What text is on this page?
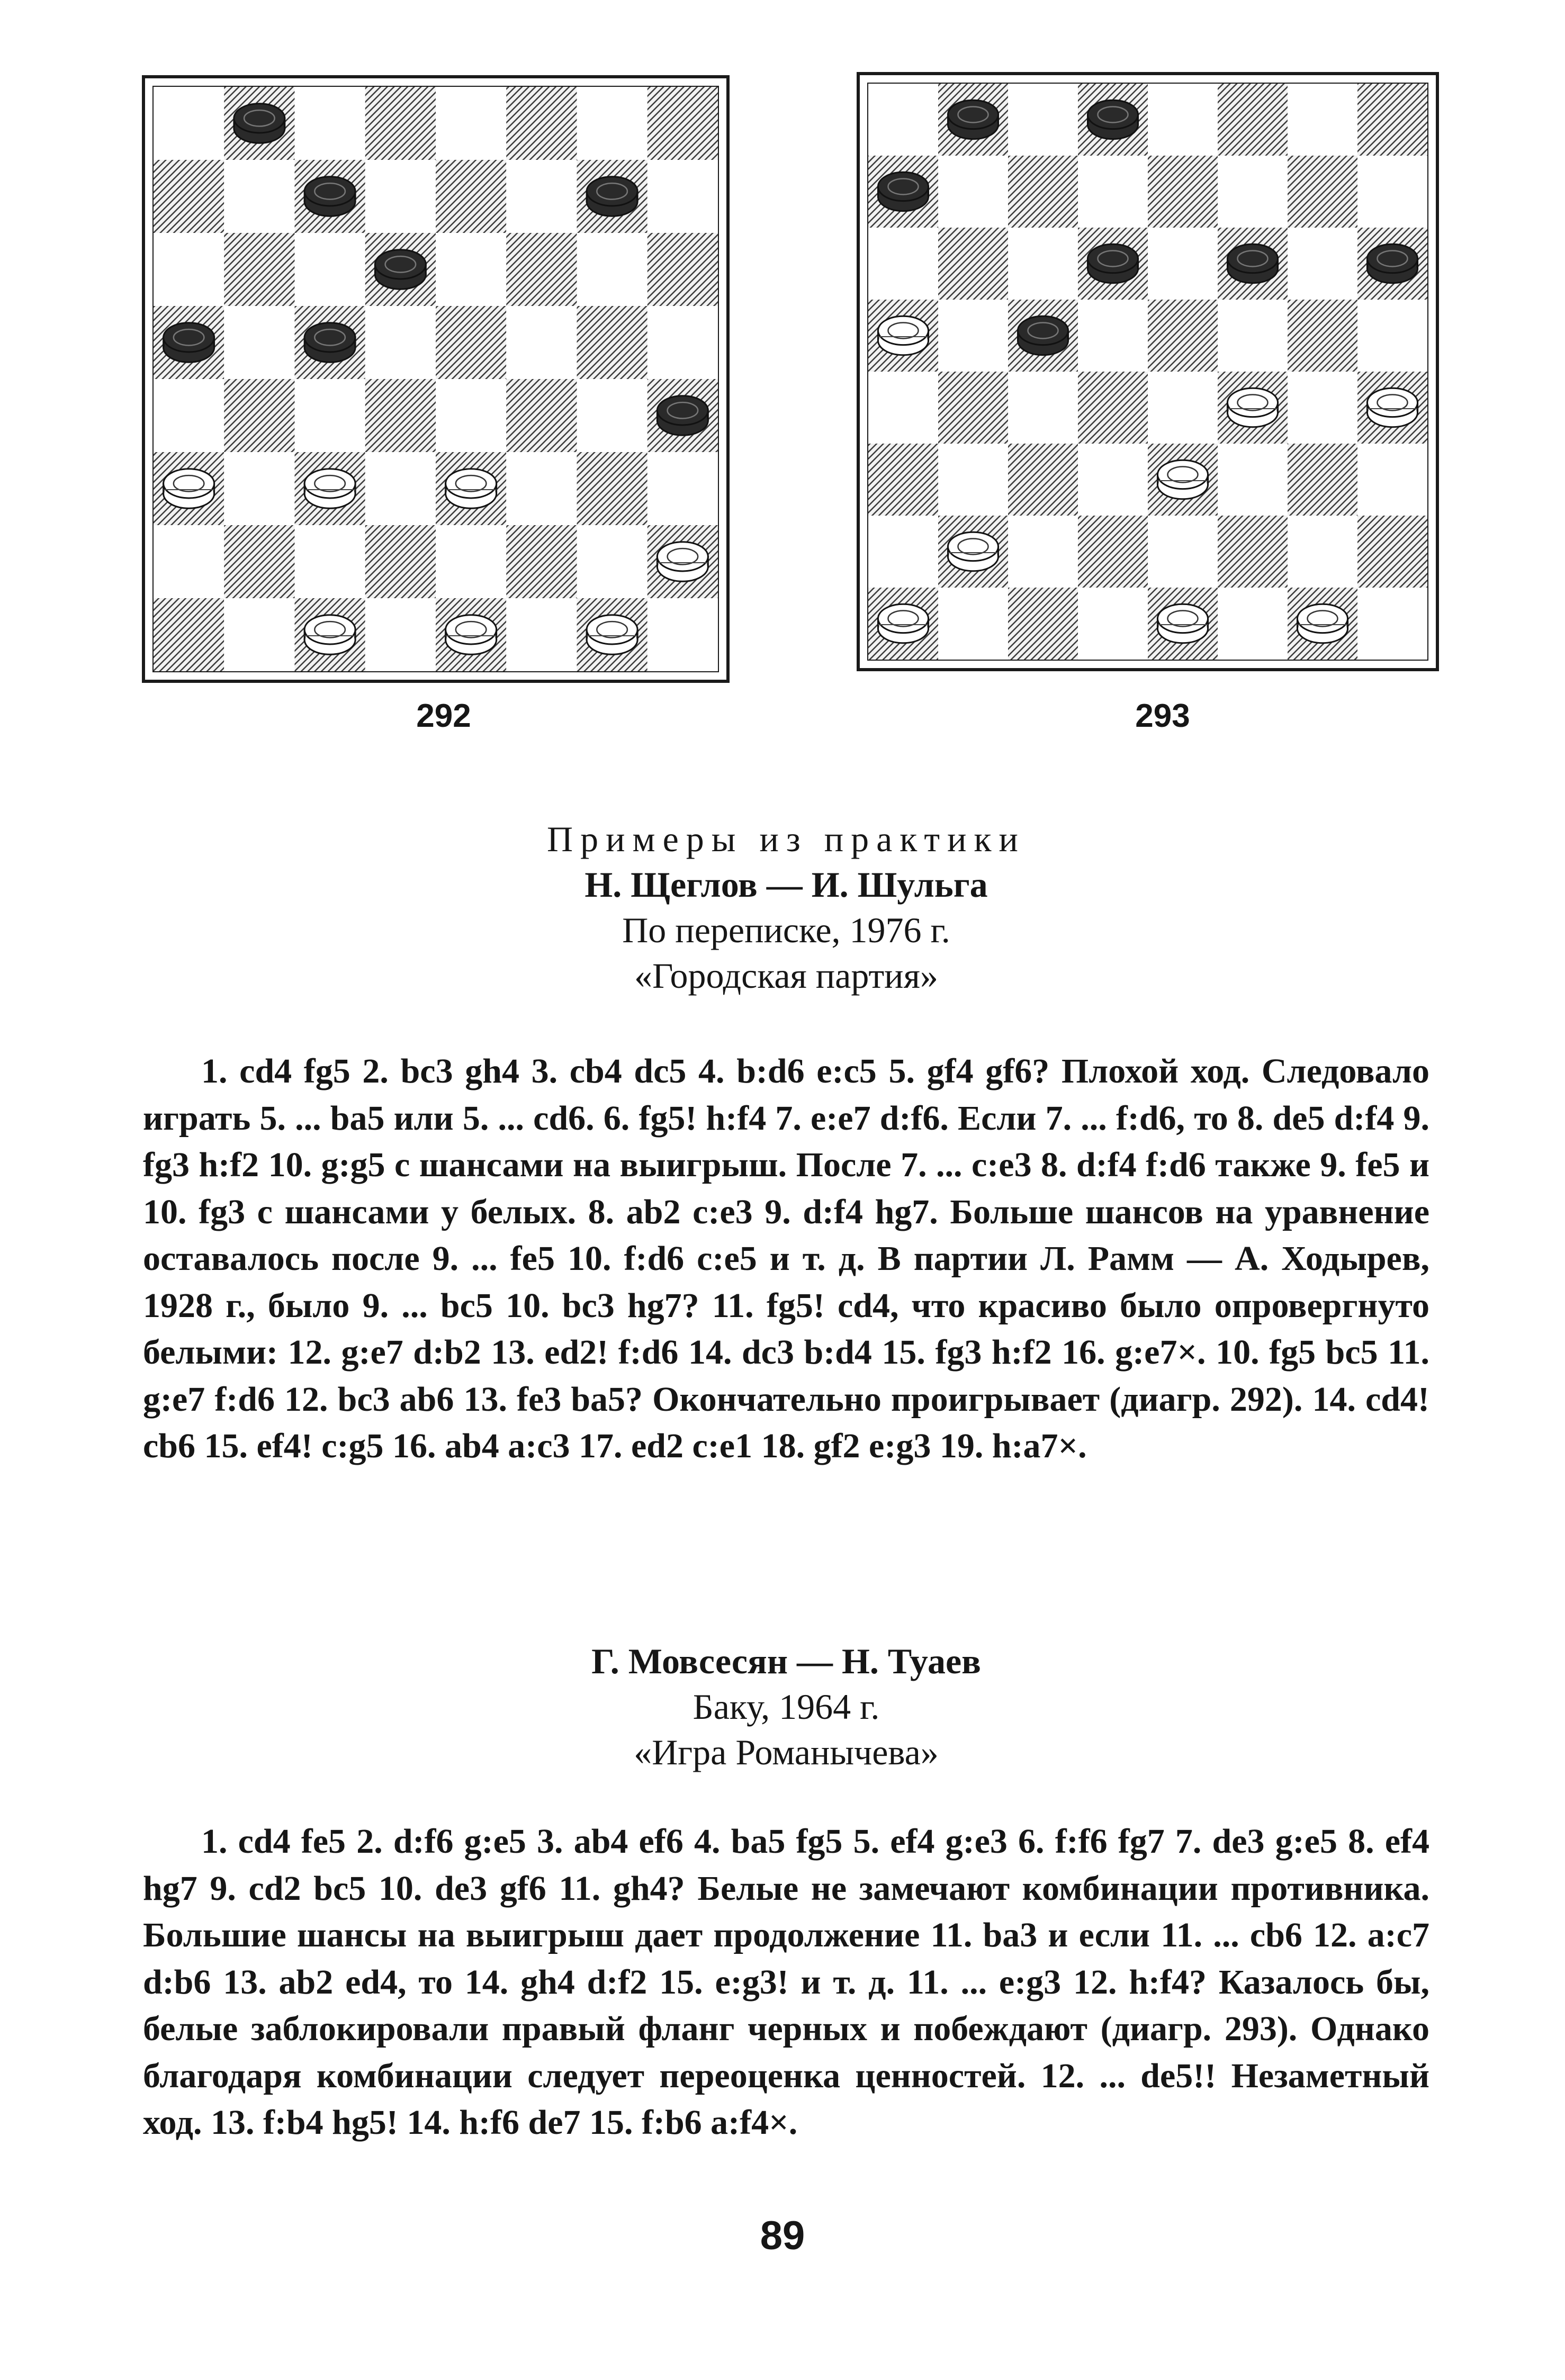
292	293

Примеры из практики

Н. Щеглов — И. Шульга

По переписке, 1976 г.

«Городская партия»

1. cd4 fg5 2. bc3 gh4 3. cb4 dc5 4. b:d6 e:c5 5. gf4 gf6? Плохой ход. Следовало играть 5. ... ba5 или 5. ... cd6. 6. fg5! h:f4 7. e:e7 d:f6. Если 7. ... f:d6, то 8. de5 d:f4 9. fg3 h:f2 10. g:g5 с шансами на выигрыш. После 7. ... c:e3 8. d:f4 f:d6 также 9. fe5 и 10. fg3 с шансами у белых. 8. ab2 c:e3 9. d:f4 hg7. Больше шансов на уравнение оставалось после 9. ... fe5 10. f:d6 c:e5 и т. д. В партии Л. Рамм — А. Ходырев, 1928 г., было 9. ... bc5 10. bc3 hg7? 11. fg5! cd4, что красиво было опровергнуто белыми: 12. g:e7 d:b2 13. ed2! f:d6 14. dc3 b:d4 15. fg3 h:f2 16. g:e7×. 10. fg5 bc5 11. g:e7 f:d6 12. bc3 ab6 13. fe3 ba5? Окончательно проигрывает (диагр. 292). 14. cd4! cb6 15. ef4! c:g5 16. ab4 a:c3 17. ed2 c:e1 18. gf2 e:g3 19. h:a7×.

Г. Мовсесян — Н. Туаев

Баку, 1964 г.

«Игра Романычева»

1. cd4 fe5 2. d:f6 g:e5 3. ab4 ef6 4. ba5 fg5 5. ef4 g:e3 6. f:f6 fg7 7. de3 g:e5 8. ef4 hg7 9. cd2 bc5 10. de3 gf6 11. gh4? Белые не замечают комбинации противника. Большие шансы на выигрыш дает продолжение 11. ba3 и если 11. ... cb6 12. a:c7 d:b6 13. ab2 ed4, то 14. gh4 d:f2 15. e:g3! и т. д. 11. ... e:g3 12. h:f4? Казалось бы, белые заблокировали правый фланг черных и побеждают (диагр. 293). Однако благодаря комбинации следует переоценка ценностей. 12. ... de5!! Незаметный ход. 13. f:b4 hg5! 14. h:f6 de7 15. f:b6 a:f4×.

89
